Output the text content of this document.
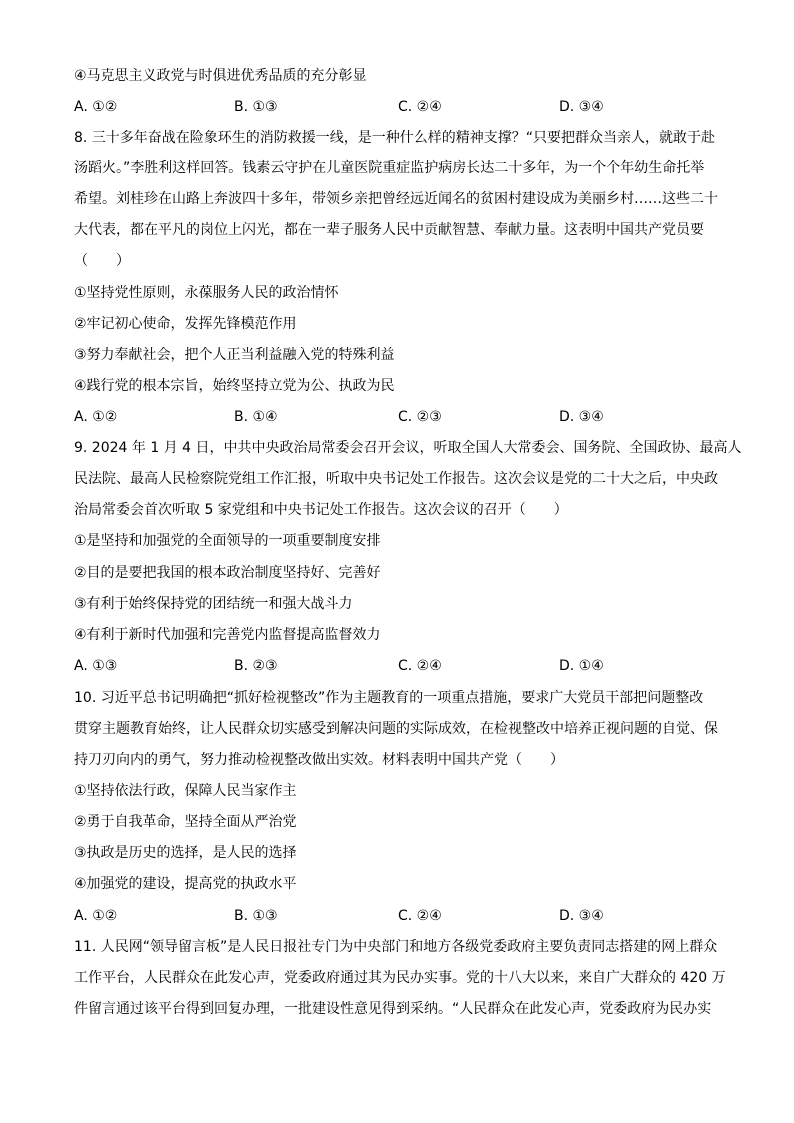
④马克思主义政党与时俱进优秀品质的充分彰显
A. ①②	B. ①③	C. ②④	D. ③④
8. 三十多年奋战在险象环生的消防救援一线，是一种什么样的精神支撑？“只要把群众当亲人，就敢于赴
汤蹈火。”李胜利这样回答。钱素云守护在儿童医院重症监护病房长达二十多年，为一个个年幼生命托举
希望。刘桂珍在山路上奔波四十多年，带领乡亲把曾经远近闻名的贫困村建设成为美丽乡村……这些二十
大代表，都在平凡的岗位上闪光，都在一辈子服务人民中贡献智慧、奉献力量。这表明中国共产党员要
（　　）
①坚持党性原则，永葆服务人民的政治情怀
②牢记初心使命，发挥先锋模范作用
③努力奉献社会，把个人正当利益融入党的特殊利益
④践行党的根本宗旨，始终坚持立党为公、执政为民
A. ①②	B. ①④	C. ②③	D. ③④
9. 2024 年 1 月 4 日，中共中央政治局常委会召开会议，听取全国人大常委会、国务院、全国政协、最高人
民法院、最高人民检察院党组工作汇报，听取中央书记处工作报告。这次会议是党的二十大之后，中央政
治局常委会首次听取 5 家党组和中央书记处工作报告。这次会议的召开（　　）
①是坚持和加强党的全面领导的一项重要制度安排
②目的是要把我国的根本政治制度坚持好、完善好
③有利于始终保持党的团结统一和强大战斗力
④有利于新时代加强和完善党内监督提高监督效力
A. ①③	B. ②③	C. ②④	D. ①④
10. 习近平总书记明确把“抓好检视整改”作为主题教育的一项重点措施，要求广大党员干部把问题整改
贯穿主题教育始终，让人民群众切实感受到解决问题的实际成效，在检视整改中培养正视问题的自觉、保
持刀刃向内的勇气，努力推动检视整改做出实效。材料表明中国共产党（　　）
①坚持依法行政，保障人民当家作主
②勇于自我革命，坚持全面从严治党
③执政是历史的选择，是人民的选择
④加强党的建设，提高党的执政水平
A. ①②	B. ①③	C. ②④	D. ③④
11. 人民网“领导留言板”是人民日报社专门为中央部门和地方各级党委政府主要负责同志搭建的网上群众
工作平台，人民群众在此发心声，党委政府通过其为民办实事。党的十八大以来，来自广大群众的 420 万
件留言通过该平台得到回复办理，一批建设性意见得到采纳。“人民群众在此发心声，党委政府为民办实
